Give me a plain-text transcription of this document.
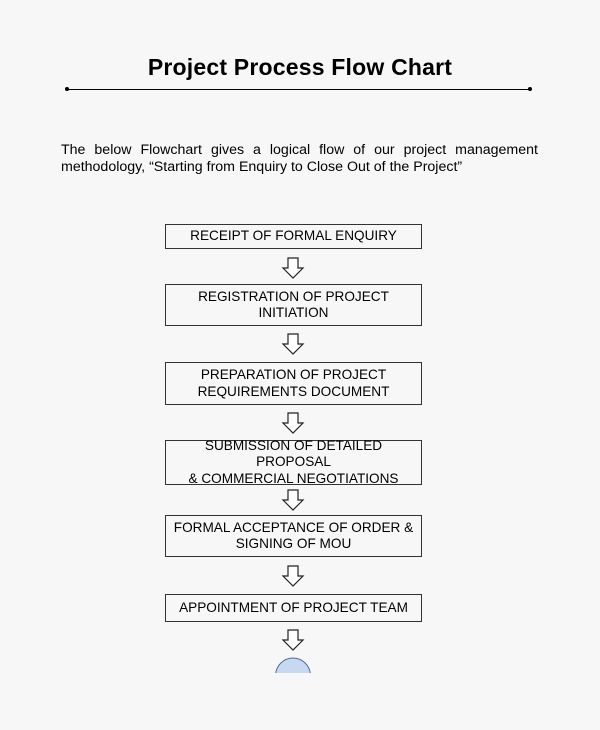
Project Process Flow Chart
The below Flowchart gives a logical flow of our project management
methodology, “Starting from Enquiry to Close Out of the Project”
RECEIPT OF FORMAL ENQUIRY
REGISTRATION OF PROJECT
INITIATION
PREPARATION OF PROJECT
REQUIREMENTS DOCUMENT
SUBMISSION OF DETAILED PROPOSAL
& COMMERCIAL NEGOTIATIONS
FORMAL ACCEPTANCE OF ORDER &
SIGNING OF MOU
APPOINTMENT OF PROJECT TEAM
